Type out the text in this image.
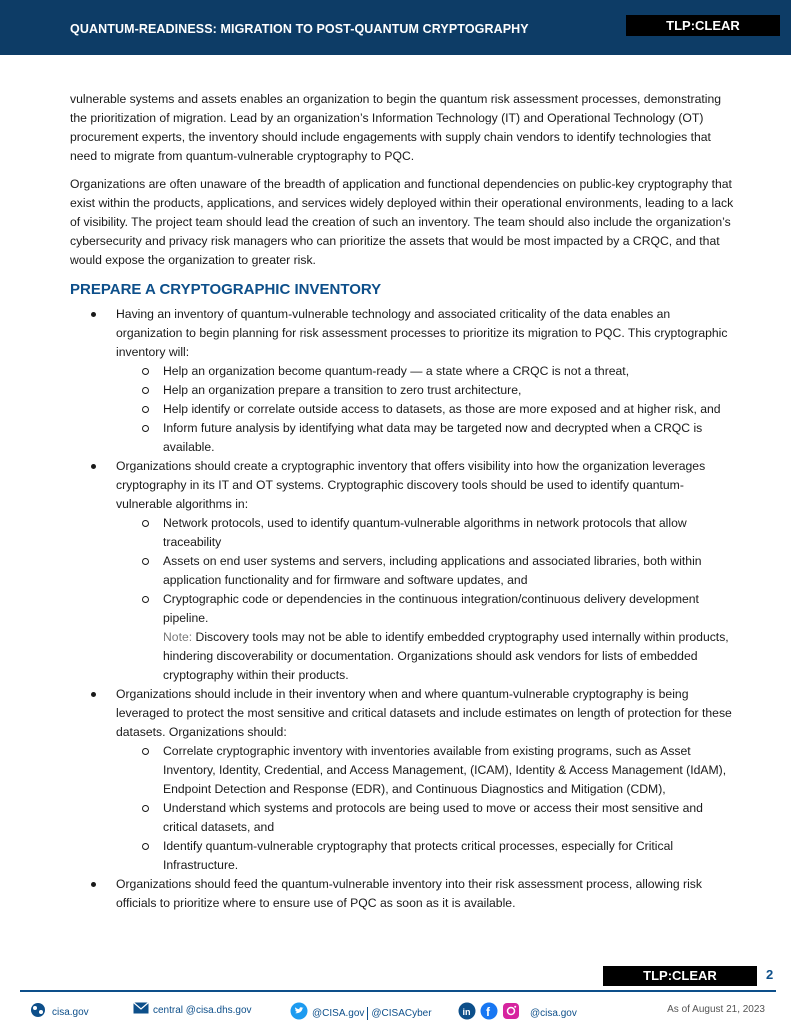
QUANTUM-READINESS: MIGRATION TO POST-QUANTUM CRYPTOGRAPHY	TLP:CLEAR

vulnerable systems and assets enables an organization to begin the quantum risk assessment processes, demonstrating the prioritization of migration. Lead by an organization’s Information Technology (IT) and Operational Technology (OT) procurement experts, the inventory should include engagements with supply chain vendors to identify technologies that need to migrate from quantum-vulnerable cryptography to PQC.

Organizations are often unaware of the breadth of application and functional dependencies on public-key cryptography that exist within the products, applications, and services widely deployed within their operational environments, leading to a lack of visibility. The project team should lead the creation of such an inventory. The team should also include the organization’s cybersecurity and privacy risk managers who can prioritize the assets that would be most impacted by a CRQC, and that would expose the organization to greater risk.

PREPARE A CRYPTOGRAPHIC INVENTORY
Having an inventory of quantum-vulnerable technology and associated criticality of the data enables an organization to begin planning for risk assessment processes to prioritize its migration to PQC. This cryptographic inventory will:
Help an organization become quantum-ready — a state where a CRQC is not a threat,
Help an organization prepare a transition to zero trust architecture,
Help identify or correlate outside access to datasets, as those are more exposed and at higher risk, and
Inform future analysis by identifying what data may be targeted now and decrypted when a CRQC is available.
Organizations should create a cryptographic inventory that offers visibility into how the organization leverages cryptography in its IT and OT systems. Cryptographic discovery tools should be used to identify quantum-vulnerable algorithms in:
Network protocols, used to identify quantum-vulnerable algorithms in network protocols that allow traceability
Assets on end user systems and servers, including applications and associated libraries, both within application functionality and for firmware and software updates, and
Cryptographic code or dependencies in the continuous integration/continuous delivery development pipeline.
Note: Discovery tools may not be able to identify embedded cryptography used internally within products, hindering discoverability or documentation. Organizations should ask vendors for lists of embedded cryptography within their products.
Organizations should include in their inventory when and where quantum-vulnerable cryptography is being leveraged to protect the most sensitive and critical datasets and include estimates on length of protection for these datasets. Organizations should:
Correlate cryptographic inventory with inventories available from existing programs, such as Asset Inventory, Identity, Credential, and Access Management, (ICAM), Identity & Access Management (IdAM), Endpoint Detection and Response (EDR), and Continuous Diagnostics and Mitigation (CDM),
Understand which systems and protocols are being used to move or access their most sensitive and critical datasets, and
Identify quantum-vulnerable cryptography that protects critical processes, especially for Critical Infrastructure.
Organizations should feed the quantum-vulnerable inventory into their risk assessment process, allowing risk officials to prioritize where to ensure use of PQC as soon as it is available.
TLP:CLEAR	2
cisa.gov	central @cisa.dhs.gov	@CISA.gov @CISACyber	in f	@cisa.gov	As of August 21, 2023
